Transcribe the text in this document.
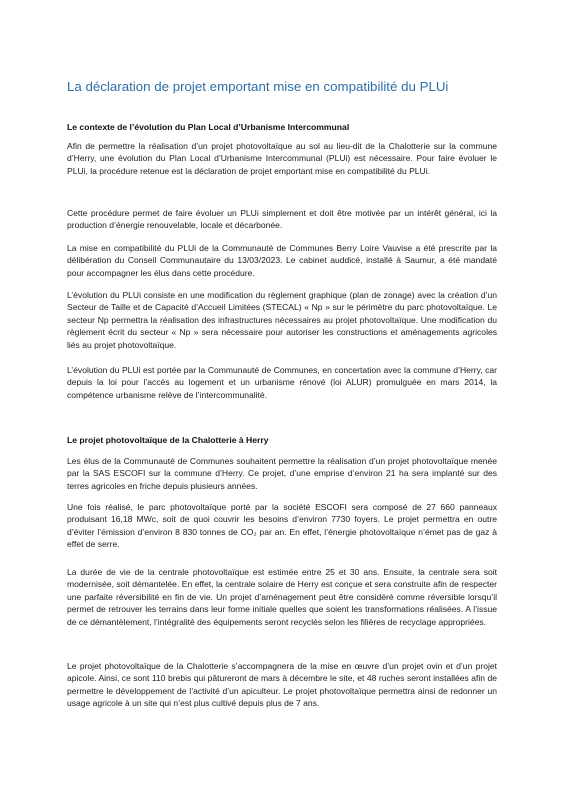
La déclaration de projet emportant mise en compatibilité du PLUi
Le contexte de l’évolution du Plan Local d’Urbanisme Intercommunal

Afin de permettre la réalisation d’un projet photovoltaïque au sol au lieu-dit de la Chalotterie sur la commune d’Herry, une évolution du Plan Local d’Urbanisme Intercommunal (PLUi) est nécessaire. Pour faire évoluer le PLUi, la procédure retenue est la déclaration de projet emportant mise en compatibilité du PLUi.

Cette procédure permet de faire évoluer un PLUi simplement et doit être motivée par un intérêt général, ici la production d’énergie renouvelable, locale et décarbonée.

La mise en compatibilité du PLUi de la Communauté de Communes Berry Loire Vauvise a été prescrite par la délibération du Conseil Communautaire du 13/03/2023. Le cabinet auddicé, installé à Saumur, a été mandaté pour accompagner les élus dans cette procédure.

L’évolution du PLUi consiste en une modification du règlement graphique (plan de zonage) avec la création d’un Secteur de Taille et de Capacité d’Accueil Limitées (STECAL) « Np » sur le périmètre du parc photovoltaïque. Le secteur Np permettra la réalisation des infrastructures nécessaires au projet photovoltaïque. Une modification du règlement écrit du secteur « Np » sera nécessaire pour autoriser les constructions et aménagements agricoles liés au projet photovoltaïque.

L’évolution du PLUi est portée par la Communauté de Communes, en concertation avec la commune d’Herry, car depuis la loi pour l’accès au logement et un urbanisme rénové (loi ALUR) promulguée en mars 2014, la compétence urbanisme relève de l’intercommunalité.

Le projet photovoltaïque de la Chalotterie à Herry

Les élus de la Communauté de Communes souhaitent permettre la réalisation d’un projet photovoltaïque menée par la SAS ESCOFI sur la commune d’Herry. Ce projet, d’une emprise d’environ 21 ha sera implanté sur des terres agricoles en friche depuis plusieurs années.

Une fois réalisé, le parc photovoltaïque porté par la société ESCOFI sera composé de 27 660 panneaux produisant 16,18 MWc, soit de quoi couvrir les besoins d’environ 7730 foyers. Le projet permettra en outre d’éviter l’émission d’environ 8 830 tonnes de CO₂ par an. En effet, l’énergie photovoltaïque n’émet pas de gaz à effet de serre.

La durée de vie de la centrale photovoltaïque est estimée entre 25 et 30 ans. Ensuite, la centrale sera soit modernisée, soit démantelée. En effet, la centrale solaire de Herry est conçue et sera construite afin de respecter une parfaite réversibilité en fin de vie. Un projet d’aménagement peut être considéré comme réversible lorsqu’il permet de retrouver les terrains dans leur forme initiale quelles que soient les transformations réalisées. A l’issue de ce démantèlement, l’intégralité des équipements seront recyclés selon les filières de recyclage appropriées.

Le projet photovoltaïque de la Chalotterie s’accompagnera de la mise en œuvre d’un projet ovin et d’un projet apicole. Ainsi, ce sont 110 brebis qui pâtureront de mars à décembre le site, et 48 ruches seront installées afin de permettre le développement de l’activité d’un apiculteur. Le projet photovoltaïque permettra ainsi de redonner un usage agricole à un site qui n’est plus cultivé depuis plus de 7 ans.
